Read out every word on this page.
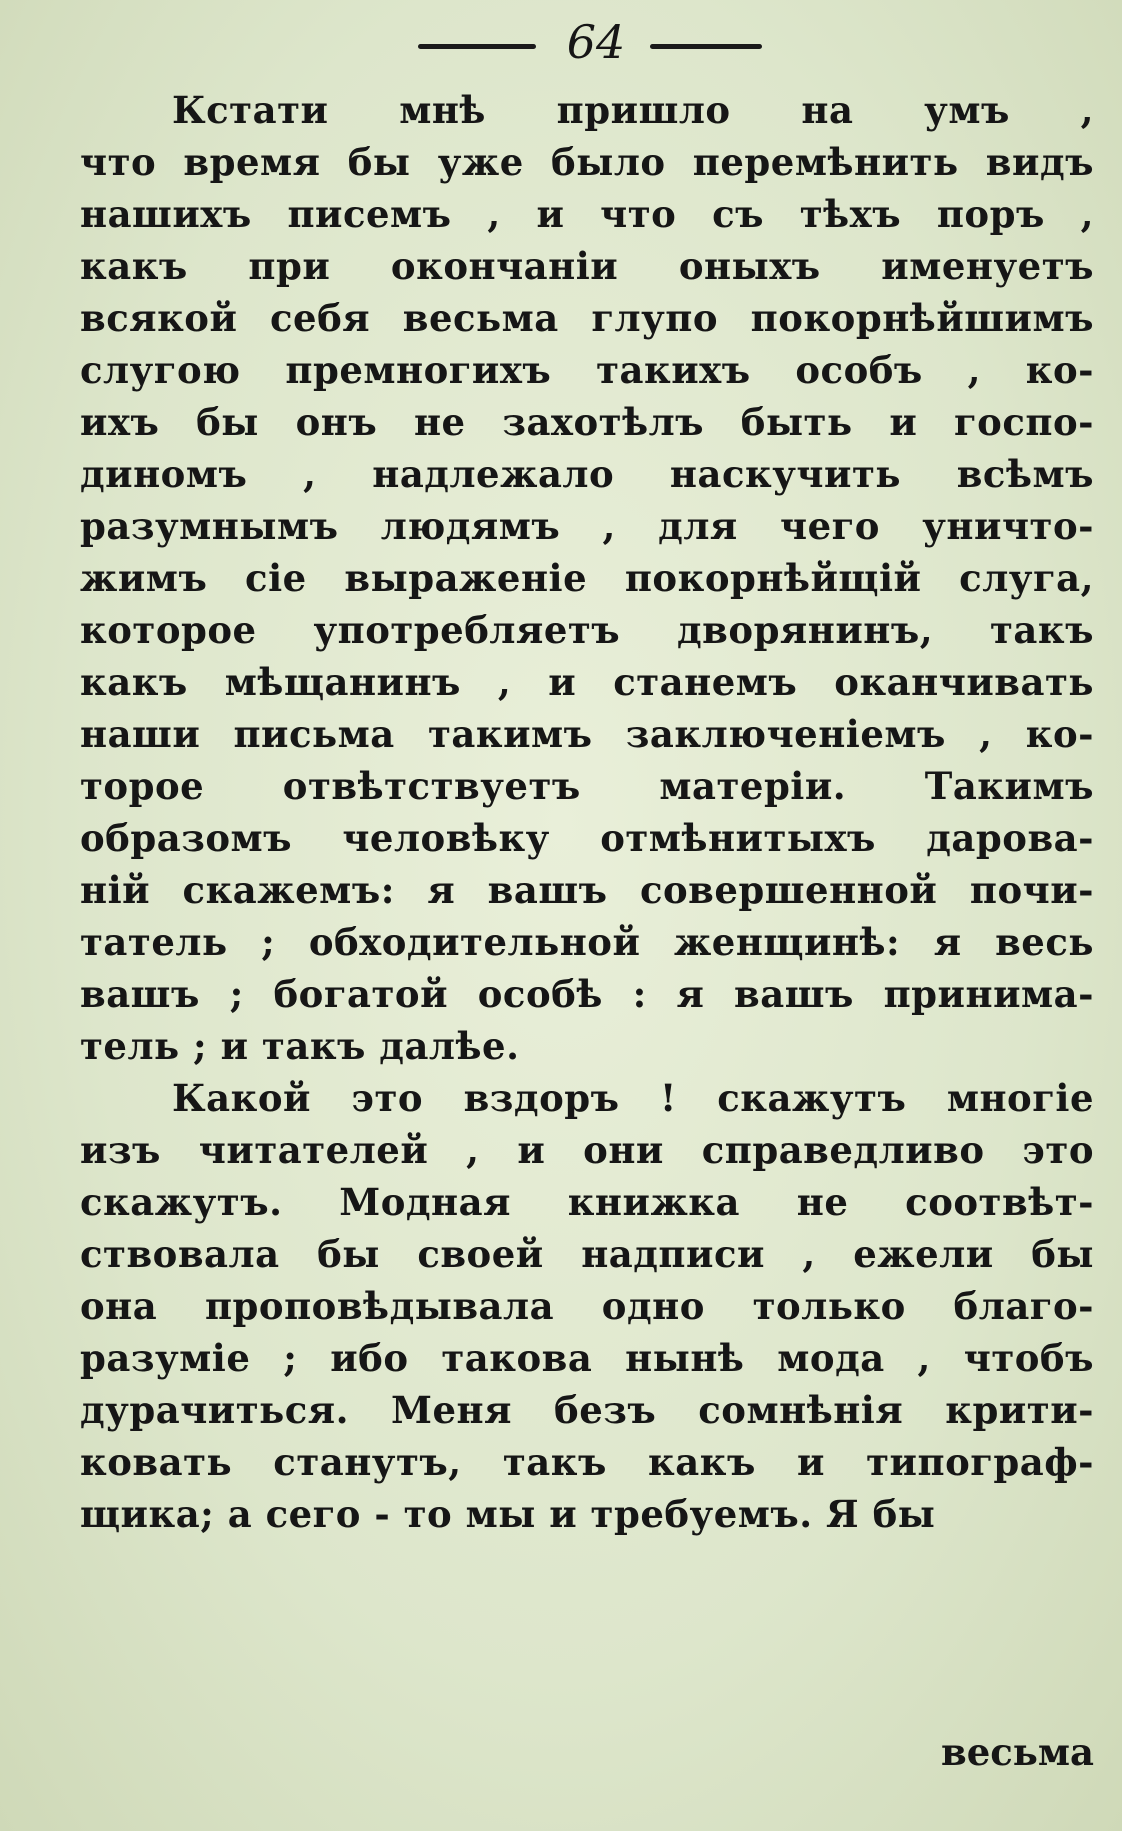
64
Кстати мнѣ пришло на умъ ,
что время бы уже было перемѣнить видъ
нашихъ писемъ , и что съ тѣхъ поръ ,
какъ при окончаніи оныхъ именуетъ
всякой себя весьма глупо покорнѣйшимъ
слугою премногихъ такихъ особъ , ко-
ихъ бы онъ не захотѣлъ быть и госпо-
диномъ , надлежало наскучить всѣмъ
разумнымъ людямъ , для чего уничто-
жимъ сіе выраженіе покорнѣйщій слуга,
которое употребляетъ дворянинъ, такъ
какъ мѣщанинъ , и станемъ оканчивать
наши письма такимъ заключеніемъ , ко-
торое отвѣтствуетъ матеріи. Такимъ
образомъ человѣку отмѣнитыхъ дарова-
ній скажемъ: я вашъ совершенной почи-
татель ; обходительной женщинѣ: я весь
вашъ ; богатой особѣ : я вашъ принима-
тель ; и такъ далѣе.
Какой это вздоръ ! скажутъ многіе
изъ читателей , и они справедливо это
скажутъ. Модная книжка не соотвѣт-
ствовала бы своей надписи , ежели бы
она проповѣдывала одно только благо-
разуміе ; ибо такова нынѣ мода , чтобъ
дурачиться. Меня безъ сомнѣнія крити-
ковать станутъ, такъ какъ и типограф-
щика; а сего - то мы и требуемъ. Я бы
весьма
